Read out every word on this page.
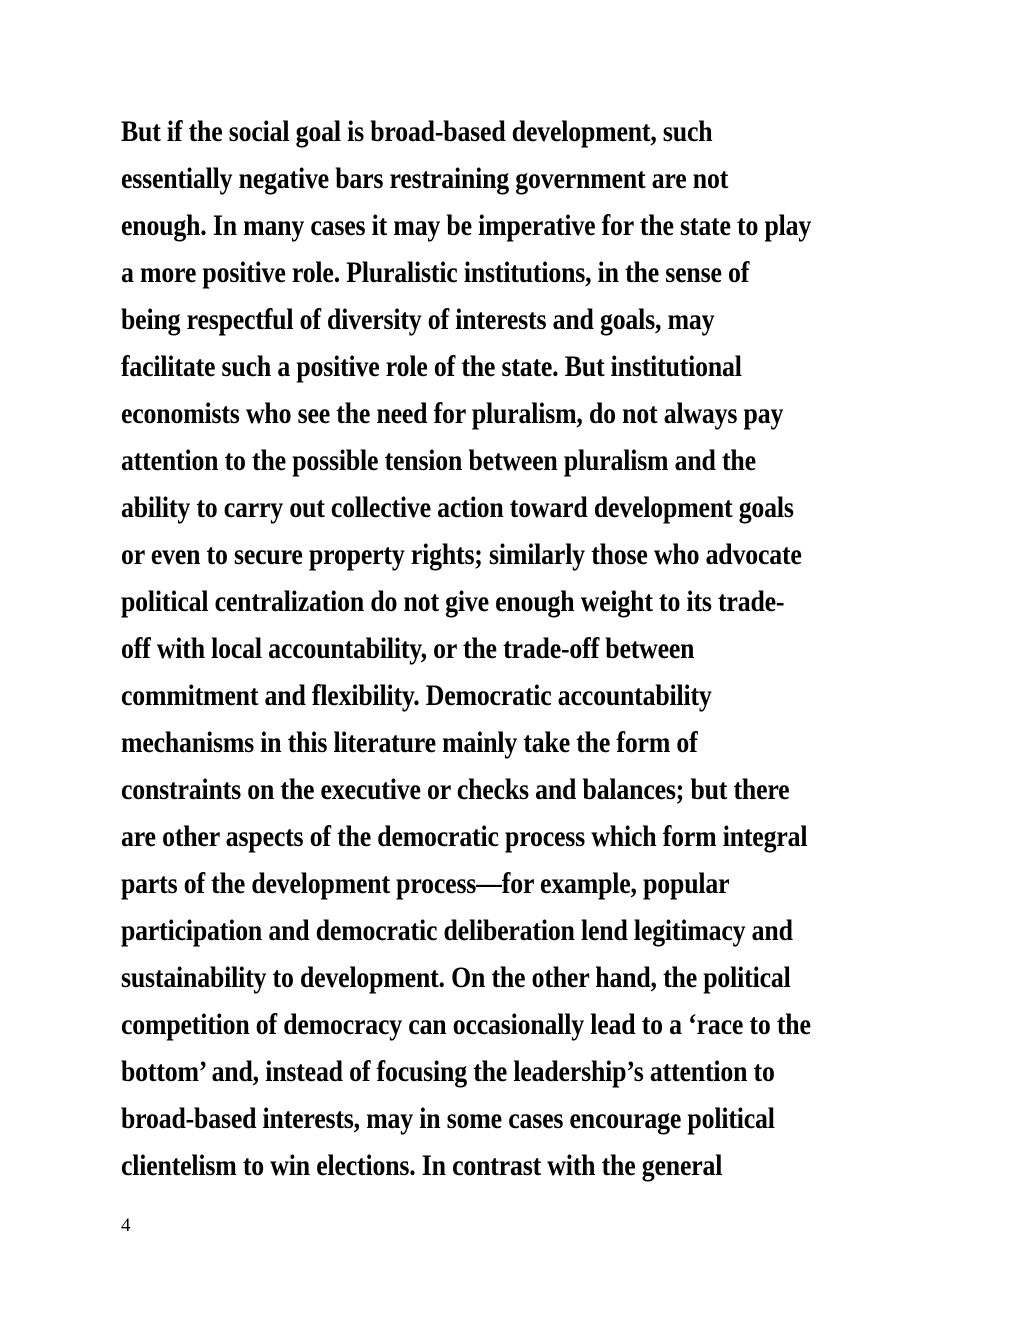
But if the social goal is broad-based development, such
essentially negative bars restraining government are not
enough. In many cases it may be imperative for the state to play
a more positive role. Pluralistic institutions, in the sense of
being respectful of diversity of interests and goals, may
facilitate such a positive role of the state. But institutional
economists who see the need for pluralism, do not always pay
attention to the possible tension between pluralism and the
ability to carry out collective action toward development goals
or even to secure property rights; similarly those who advocate
political centralization do not give enough weight to its trade-
off with local accountability, or the trade-off between
commitment and flexibility. Democratic accountability
mechanisms in this literature mainly take the form of
constraints on the executive or checks and balances; but there
are other aspects of the democratic process which form integral
parts of the development process—for example, popular
participation and democratic deliberation lend legitimacy and
sustainability to development. On the other hand, the political
competition of democracy can occasionally lead to a ‘race to the
bottom’ and, instead of focusing the leadership’s attention to
broad-based interests, may in some cases encourage political
clientelism to win elections. In contrast with the general
4
